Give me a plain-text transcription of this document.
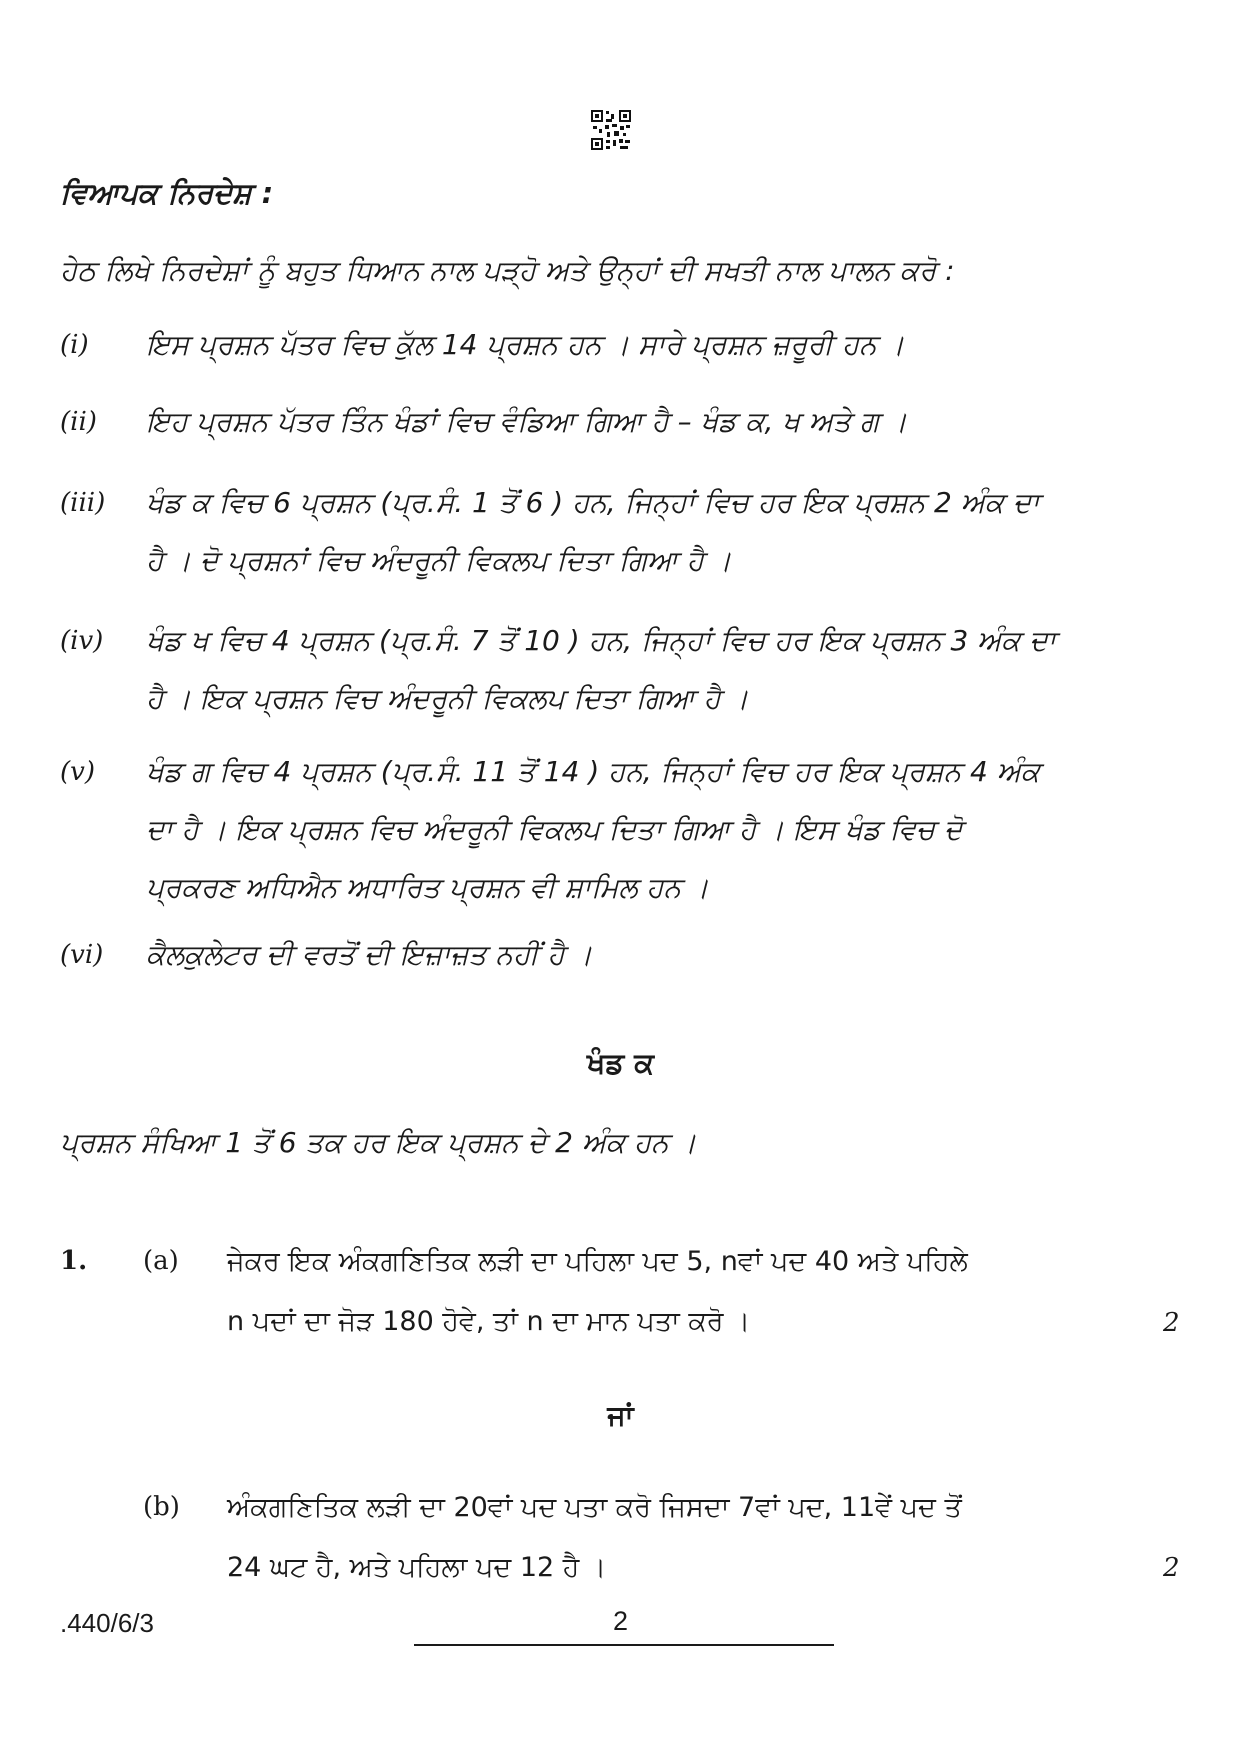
ਵਿਆਪਕ ਨਿਰਦੇਸ਼ :
ਹੇਠ ਲਿਖੇ ਨਿਰਦੇਸ਼ਾਂ ਨੂੰ ਬਹੁਤ ਧਿਆਨ ਨਾਲ ਪੜ੍ਹੋ ਅਤੇ ਉਨ੍ਹਾਂ ਦੀ ਸਖਤੀ ਨਾਲ ਪਾਲਨ ਕਰੋ :
(i) ਇਸ ਪ੍ਰਸ਼ਨ ਪੱਤਰ ਵਿਚ ਕੁੱਲ 14 ਪ੍ਰਸ਼ਨ ਹਨ । ਸਾਰੇ ਪ੍ਰਸ਼ਨ ਜ਼ਰੂਰੀ ਹਨ ।
(ii) ਇਹ ਪ੍ਰਸ਼ਨ ਪੱਤਰ ਤਿੰਨ ਖੰਡਾਂ ਵਿਚ ਵੰਡਿਆ ਗਿਆ ਹੈ – ਖੰਡ ਕ, ਖ ਅਤੇ ਗ ।
(iii) ਖੰਡ ਕ ਵਿਚ 6 ਪ੍ਰਸ਼ਨ (ਪ੍ਰ.ਸੰ. 1 ਤੋਂ 6 ) ਹਨ, ਜਿਨ੍ਹਾਂ ਵਿਚ ਹਰ ਇਕ ਪ੍ਰਸ਼ਨ 2 ਅੰਕ ਦਾ
ਹੈ । ਦੋ ਪ੍ਰਸ਼ਨਾਂ ਵਿਚ ਅੰਦਰੂਨੀ ਵਿਕਲਪ ਦਿਤਾ ਗਿਆ ਹੈ ।
(iv) ਖੰਡ ਖ ਵਿਚ 4 ਪ੍ਰਸ਼ਨ (ਪ੍ਰ.ਸੰ. 7 ਤੋਂ 10 ) ਹਨ, ਜਿਨ੍ਹਾਂ ਵਿਚ ਹਰ ਇਕ ਪ੍ਰਸ਼ਨ 3 ਅੰਕ ਦਾ
ਹੈ । ਇਕ ਪ੍ਰਸ਼ਨ ਵਿਚ ਅੰਦਰੂਨੀ ਵਿਕਲਪ ਦਿਤਾ ਗਿਆ ਹੈ ।
(v) ਖੰਡ ਗ ਵਿਚ 4 ਪ੍ਰਸ਼ਨ (ਪ੍ਰ.ਸੰ. 11 ਤੋਂ 14 ) ਹਨ, ਜਿਨ੍ਹਾਂ ਵਿਚ ਹਰ ਇਕ ਪ੍ਰਸ਼ਨ 4 ਅੰਕ
ਦਾ ਹੈ । ਇਕ ਪ੍ਰਸ਼ਨ ਵਿਚ ਅੰਦਰੂਨੀ ਵਿਕਲਪ ਦਿਤਾ ਗਿਆ ਹੈ । ਇਸ ਖੰਡ ਵਿਚ ਦੋ
ਪ੍ਰਕਰਣ ਅਧਿਐਨ ਅਧਾਰਿਤ ਪ੍ਰਸ਼ਨ ਵੀ ਸ਼ਾਮਿਲ ਹਨ ।
(vi) ਕੈਲਕੁਲੇਟਰ ਦੀ ਵਰਤੋਂ ਦੀ ਇਜ਼ਾਜ਼ਤ ਨਹੀਂ ਹੈ ।
ਖੰਡ ਕ
ਪ੍ਰਸ਼ਨ ਸੰਖਿਆ 1 ਤੋਂ 6 ਤਕ ਹਰ ਇਕ ਪ੍ਰਸ਼ਨ ਦੇ 2 ਅੰਕ ਹਨ ।
1. (a) ਜੇਕਰ ਇਕ ਅੰਕਗਣਿਤਿਕ ਲੜੀ ਦਾ ਪਹਿਲਾ ਪਦ 5, nਵਾਂ ਪਦ 40 ਅਤੇ ਪਹਿਲੇ
n ਪਦਾਂ ਦਾ ਜੋੜ 180 ਹੋਵੇ, ਤਾਂ n ਦਾ ਮਾਨ ਪਤਾ ਕਰੋ ।	2
ਜਾਂ
(b) ਅੰਕਗਣਿਤਿਕ ਲੜੀ ਦਾ 20ਵਾਂ ਪਦ ਪਤਾ ਕਰੋ ਜਿਸਦਾ 7ਵਾਂ ਪਦ, 11ਵੇਂ ਪਦ ਤੋਂ
24 ਘਟ ਹੈ, ਅਤੇ ਪਹਿਲਾ ਪਦ 12 ਹੈ ।	2
.440/6/3	2
